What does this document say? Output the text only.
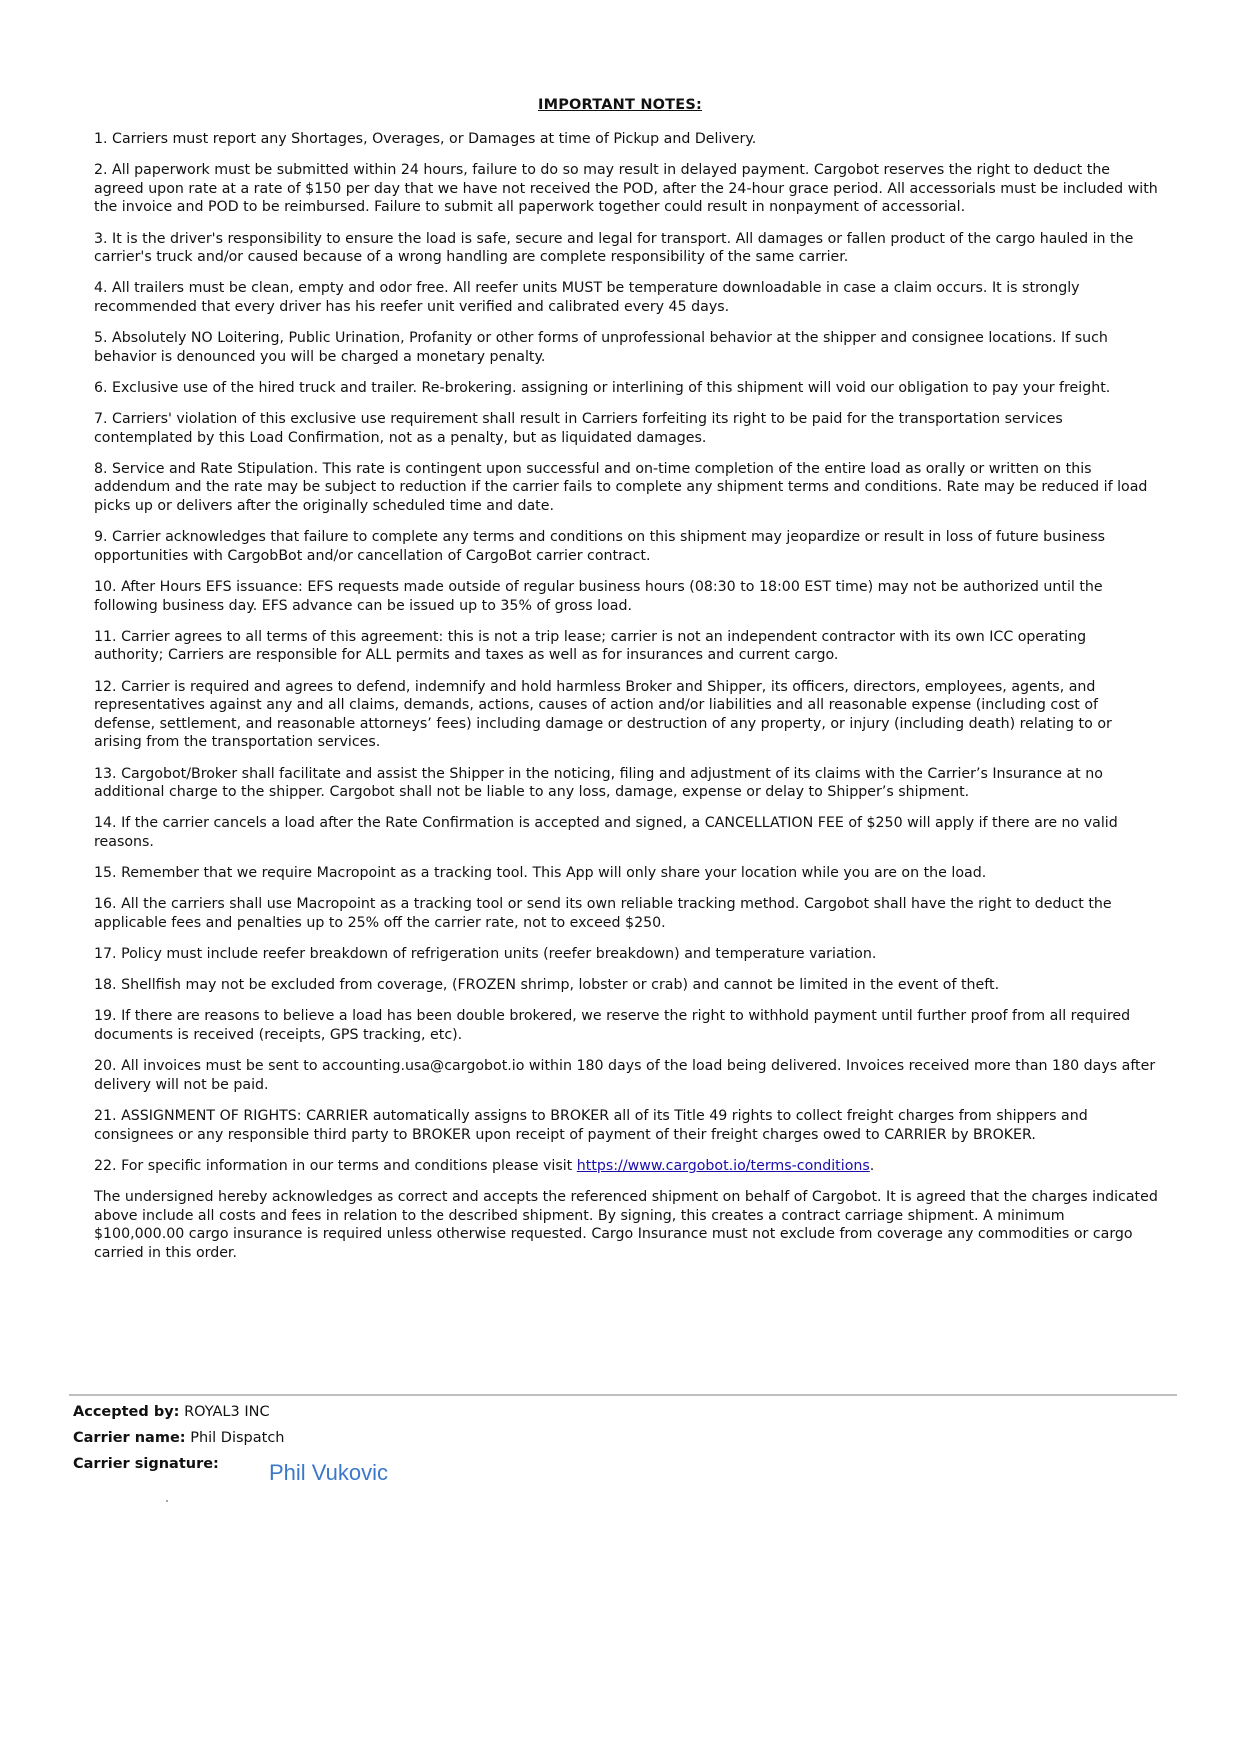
IMPORTANT NOTES:

1. Carriers must report any Shortages, Overages, or Damages at time of Pickup and Delivery.

2. All paperwork must be submitted within 24 hours, failure to do so may result in delayed payment. Cargobot reserves the right to deduct the agreed upon rate at a rate of $150 per day that we have not received the POD, after the 24-hour grace period. All accessorials must be included with the invoice and POD to be reimbursed. Failure to submit all paperwork together could result in nonpayment of accessorial.

3. It is the driver's responsibility to ensure the load is safe, secure and legal for transport. All damages or fallen product of the cargo hauled in the carrier's truck and/or caused because of a wrong handling are complete responsibility of the same carrier.

4. All trailers must be clean, empty and odor free. All reefer units MUST be temperature downloadable in case a claim occurs. It is strongly recommended that every driver has his reefer unit verified and calibrated every 45 days.

5. Absolutely NO Loitering, Public Urination, Profanity or other forms of unprofessional behavior at the shipper and consignee locations. If such behavior is denounced you will be charged a monetary penalty.

6. Exclusive use of the hired truck and trailer. Re-brokering. assigning or interlining of this shipment will void our obligation to pay your freight.

7. Carriers' violation of this exclusive use requirement shall result in Carriers forfeiting its right to be paid for the transportation services contemplated by this Load Confirmation, not as a penalty, but as liquidated damages.

8. Service and Rate Stipulation. This rate is contingent upon successful and on-time completion of the entire load as orally or written on this addendum and the rate may be subject to reduction if the carrier fails to complete any shipment terms and conditions. Rate may be reduced if load picks up or delivers after the originally scheduled time and date.

9. Carrier acknowledges that failure to complete any terms and conditions on this shipment may jeopardize or result in loss of future business opportunities with CargobBot and/or cancellation of CargoBot carrier contract.

10. After Hours EFS issuance: EFS requests made outside of regular business hours (08:30 to 18:00 EST time) may not be authorized until the following business day. EFS advance can be issued up to 35% of gross load.

11. Carrier agrees to all terms of this agreement: this is not a trip lease; carrier is not an independent contractor with its own ICC operating authority; Carriers are responsible for ALL permits and taxes as well as for insurances and current cargo.

12. Carrier is required and agrees to defend, indemnify and hold harmless Broker and Shipper, its officers, directors, employees, agents, and representatives against any and all claims, demands, actions, causes of action and/or liabilities and all reasonable expense (including cost of defense, settlement, and reasonable attorneys’ fees) including damage or destruction of any property, or injury (including death) relating to or arising from the transportation services.

13. Cargobot/Broker shall facilitate and assist the Shipper in the noticing, filing and adjustment of its claims with the Carrier’s Insurance at no additional charge to the shipper. Cargobot shall not be liable to any loss, damage, expense or delay to Shipper’s shipment.

14. If the carrier cancels a load after the Rate Confirmation is accepted and signed, a CANCELLATION FEE of $250 will apply if there are no valid reasons.

15. Remember that we require Macropoint as a tracking tool. This App will only share your location while you are on the load.

16. All the carriers shall use Macropoint as a tracking tool or send its own reliable tracking method. Cargobot shall have the right to deduct the applicable fees and penalties up to 25% off the carrier rate, not to exceed $250.

17. Policy must include reefer breakdown of refrigeration units (reefer breakdown) and temperature variation.

18. Shellfish may not be excluded from coverage, (FROZEN shrimp, lobster or crab) and cannot be limited in the event of theft.

19. If there are reasons to believe a load has been double brokered, we reserve the right to withhold payment until further proof from all required documents is received (receipts, GPS tracking, etc).

20. All invoices must be sent to accounting.usa@cargobot.io within 180 days of the load being delivered. Invoices received more than 180 days after delivery will not be paid.

21. ASSIGNMENT OF RIGHTS: CARRIER automatically assigns to BROKER all of its Title 49 rights to collect freight charges from shippers and consignees or any responsible third party to BROKER upon receipt of payment of their freight charges owed to CARRIER by BROKER.

22. For specific information in our terms and conditions please visit https://www.cargobot.io/terms-conditions.

The undersigned hereby acknowledges as correct and accepts the referenced shipment on behalf of Cargobot. It is agreed that the charges indicated above include all costs and fees in relation to the described shipment. By signing, this creates a contract carriage shipment. A minimum $100,000.00 cargo insurance is required unless otherwise requested. Cargo Insurance must not exclude from coverage any commodities or cargo carried in this order.

Accepted by: ROYAL3 INC
Carrier name: Phil Dispatch
Carrier signature: Phil Vukovic
